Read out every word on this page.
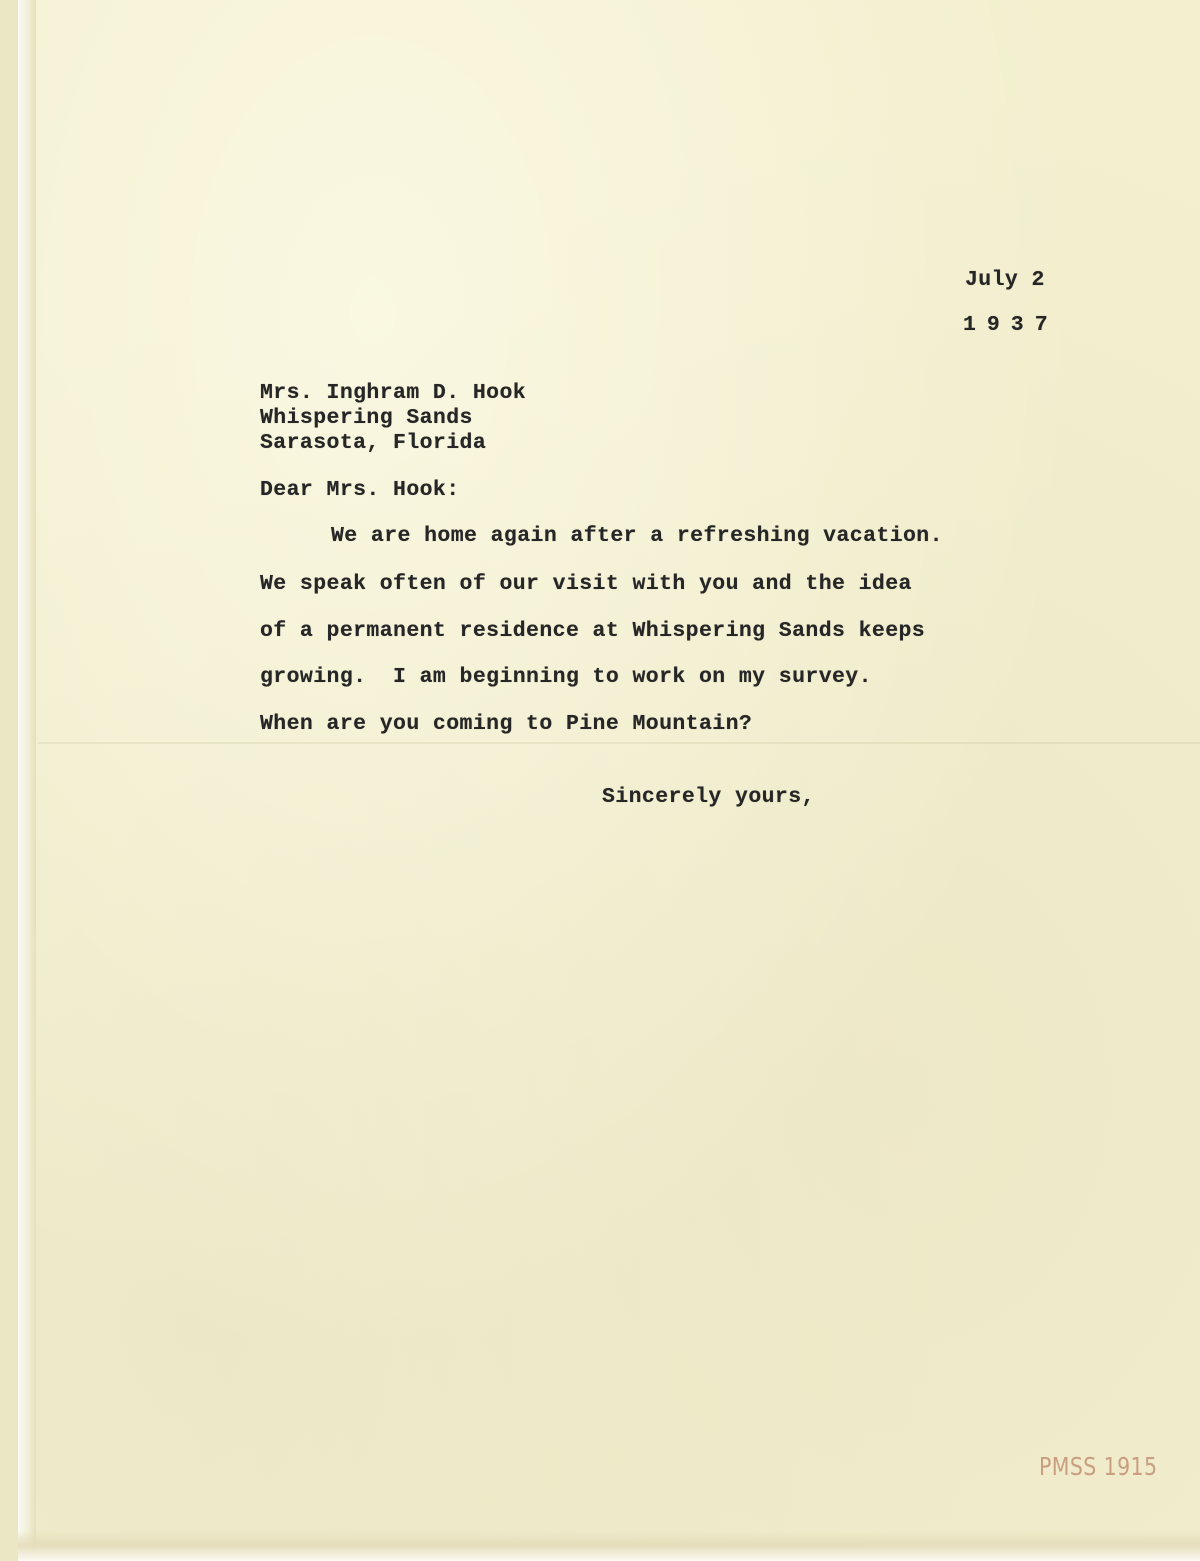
July 2
1937
Mrs. Inghram D. Hook
Whispering Sands
Sarasota, Florida
Dear Mrs. Hook:
We are home again after a refreshing vacation.
We speak often of our visit with you and the idea
of a permanent residence at Whispering Sands keeps
growing.  I am beginning to work on my survey.
When are you coming to Pine Mountain?
Sincerely yours,
PMSS 1915
